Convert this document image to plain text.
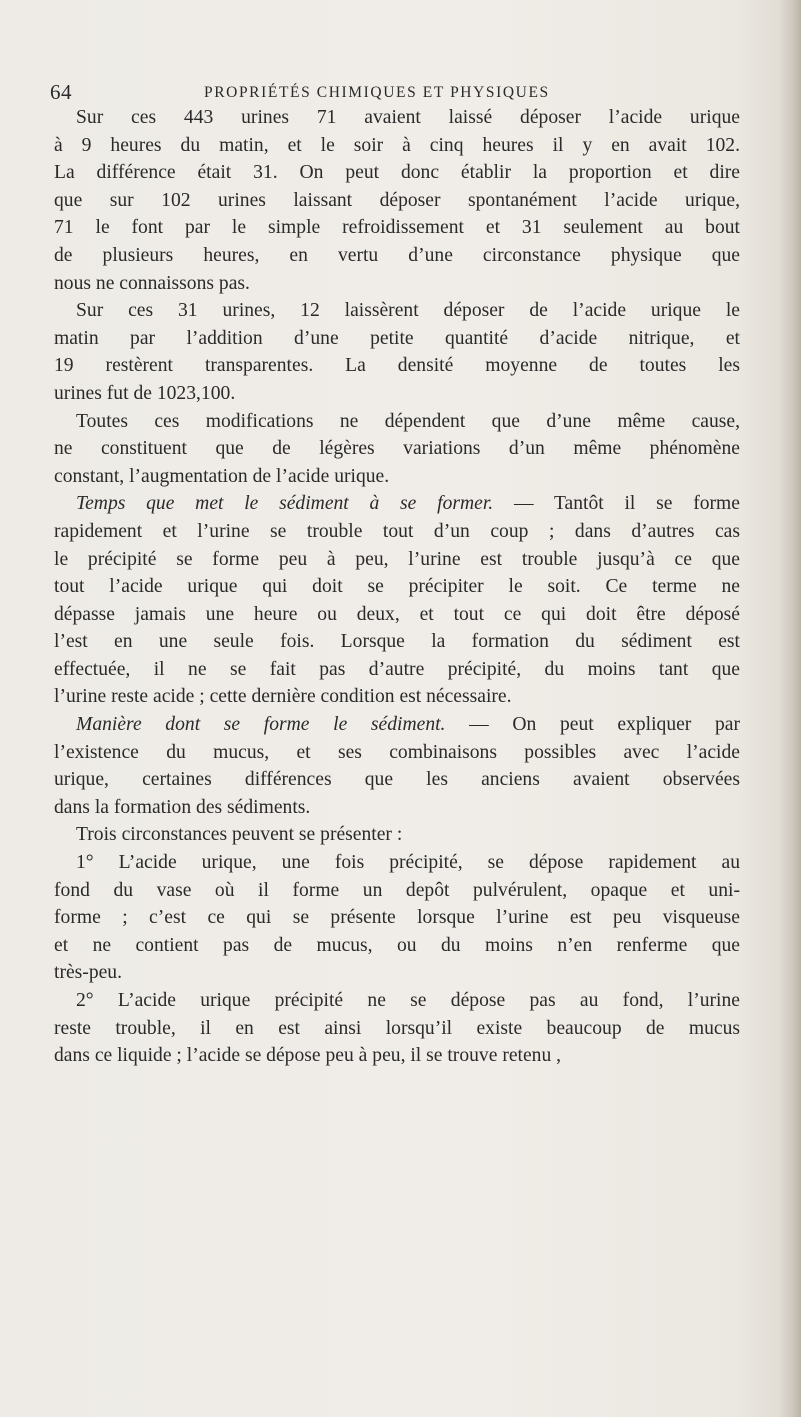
64	PROPRIÉTÉS CHIMIQUES ET PHYSIQUES
Sur ces 443 urines 71 avaient laissé déposer l’acide urique
à 9 heures du matin, et le soir à cinq heures il y en avait 102.
La différence était 31. On peut donc établir la proportion et dire
que sur 102 urines laissant déposer spontanément l’acide urique,
71 le font par le simple refroidissement et 31 seulement au bout
de plusieurs heures, en vertu d’une circonstance physique que
nous ne connaissons pas.
Sur ces 31 urines, 12 laissèrent déposer de l’acide urique le
matin par l’addition d’une petite quantité d’acide nitrique, et
19 restèrent transparentes. La densité moyenne de toutes les
urines fut de 1023,100.
Toutes ces modifications ne dépendent que d’une même cause,
ne constituent que de légères variations d’un même phénomène
constant, l’augmentation de l’acide urique.
Temps que met le sédiment à se former. — Tantôt il se forme
rapidement et l’urine se trouble tout d’un coup ; dans d’autres cas
le précipité se forme peu à peu, l’urine est trouble jusqu’à ce que
tout l’acide urique qui doit se précipiter le soit. Ce terme ne
dépasse jamais une heure ou deux, et tout ce qui doit être déposé
l’est en une seule fois. Lorsque la formation du sédiment est
effectuée, il ne se fait pas d’autre précipité, du moins tant que
l’urine reste acide ; cette dernière condition est nécessaire.
Manière dont se forme le sédiment. — On peut expliquer par
l’existence du mucus, et ses combinaisons possibles avec l’acide
urique, certaines différences que les anciens avaient observées
dans la formation des sédiments.
Trois circonstances peuvent se présenter :
1° L’acide urique, une fois précipité, se dépose rapidement au
fond du vase où il forme un depôt pulvérulent, opaque et uni-
forme ; c’est ce qui se présente lorsque l’urine est peu visqueuse
et ne contient pas de mucus, ou du moins n’en renferme que
très-peu.
2° L’acide urique précipité ne se dépose pas au fond, l’urine
reste trouble, il en est ainsi lorsqu’il existe beaucoup de mucus
dans ce liquide ; l’acide se dépose peu à peu, il se trouve retenu ,
